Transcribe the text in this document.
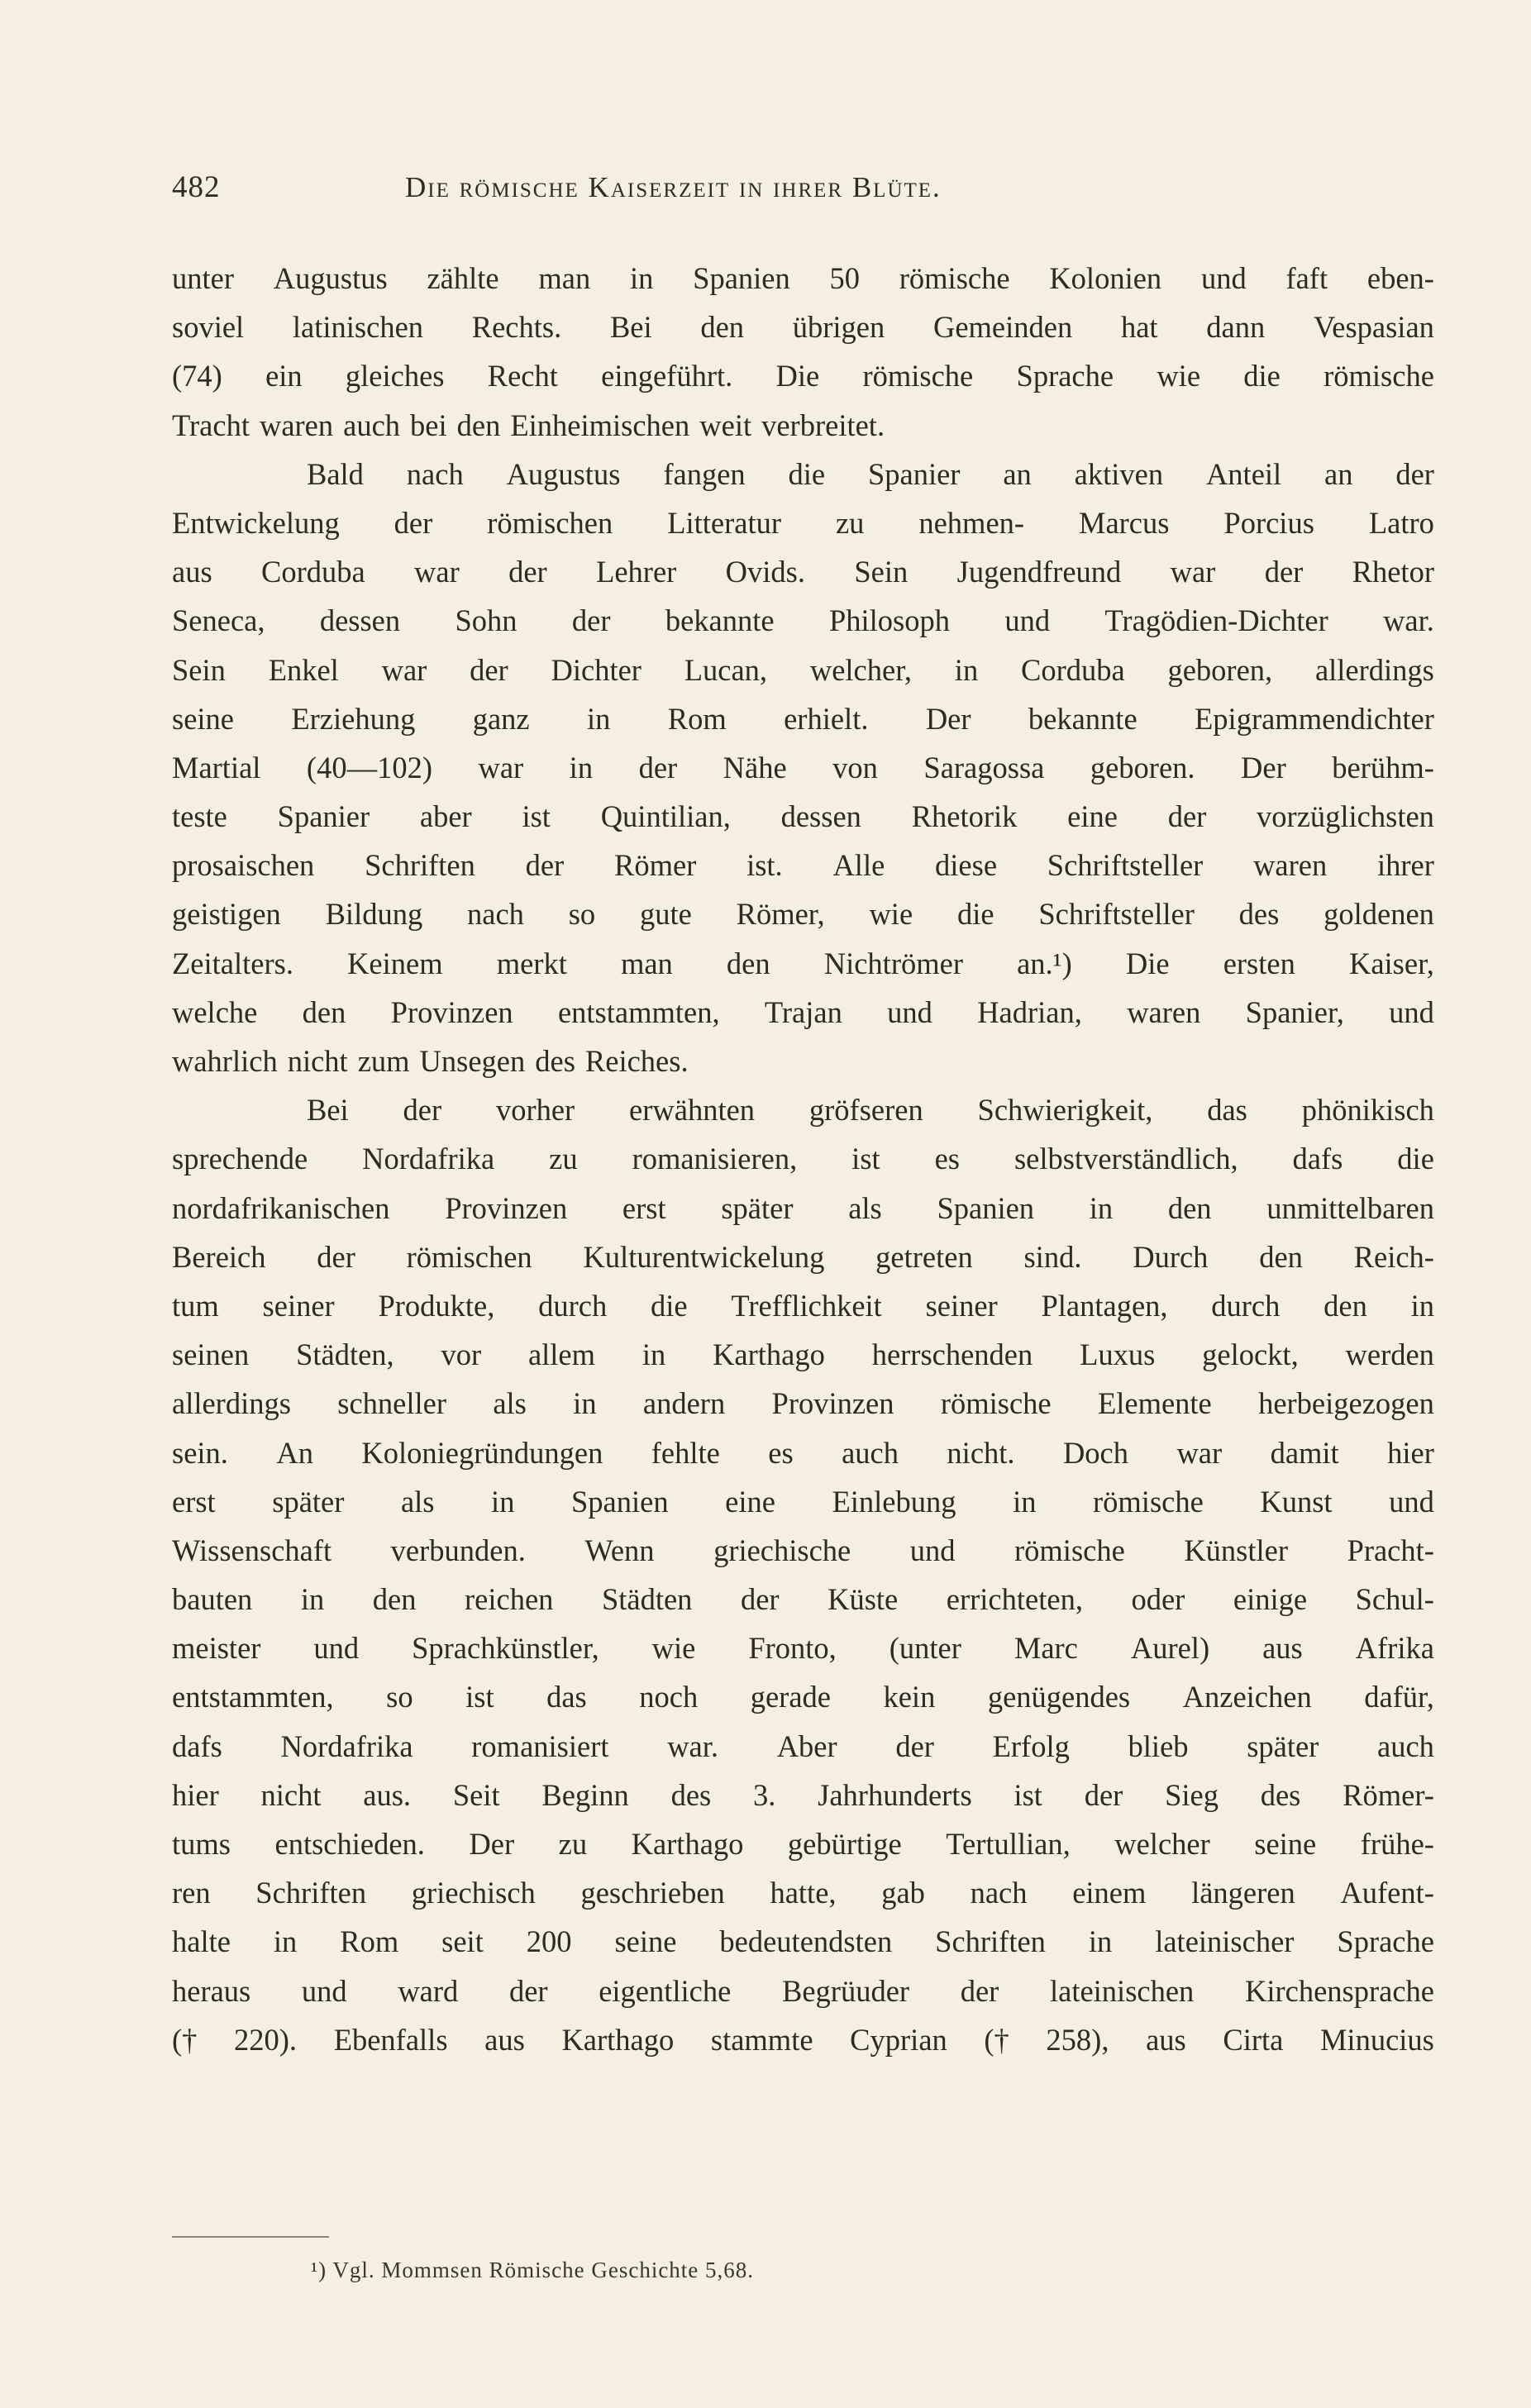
482	Die römische Kaiserzeit in ihrer Blüte.
unter Augustus zählte man in Spanien 50 römische Kolonien und faft eben-
soviel latinischen Rechts. Bei den übrigen Gemeinden hat dann Vespasian
(74) ein gleiches Recht eingeführt. Die römische Sprache wie die römische
Tracht waren auch bei den Einheimischen weit verbreitet.
Bald nach Augustus fangen die Spanier an aktiven Anteil an der
Entwickelung der römischen Litteratur zu nehmen- Marcus Porcius Latro
aus Corduba war der Lehrer Ovids. Sein Jugendfreund war der Rhetor
Seneca, dessen Sohn der bekannte Philosoph und Tragödien-Dichter war.
Sein Enkel war der Dichter Lucan, welcher, in Corduba geboren, allerdings
seine Erziehung ganz in Rom erhielt. Der bekannte Epigrammendichter
Martial (40—102) war in der Nähe von Saragossa geboren. Der berühm-
teste Spanier aber ist Quintilian, dessen Rhetorik eine der vorzüglichsten
prosaischen Schriften der Römer ist. Alle diese Schriftsteller waren ihrer
geistigen Bildung nach so gute Römer, wie die Schriftsteller des goldenen
Zeitalters. Keinem merkt man den Nichtrömer an.¹) Die ersten Kaiser,
welche den Provinzen entstammten, Trajan und Hadrian, waren Spanier, und
wahrlich nicht zum Unsegen des Reiches.
Bei der vorher erwähnten gröfseren Schwierigkeit, das phönikisch
sprechende Nordafrika zu romanisieren, ist es selbstverständlich, dafs die
nordafrikanischen Provinzen erst später als Spanien in den unmittelbaren
Bereich der römischen Kulturentwickelung getreten sind. Durch den Reich-
tum seiner Produkte, durch die Trefflichkeit seiner Plantagen, durch den in
seinen Städten, vor allem in Karthago herrschenden Luxus gelockt, werden
allerdings schneller als in andern Provinzen römische Elemente herbeigezogen
sein. An Koloniegründungen fehlte es auch nicht. Doch war damit hier
erst später als in Spanien eine Einlebung in römische Kunst und
Wissenschaft verbunden. Wenn griechische und römische Künstler Pracht-
bauten in den reichen Städten der Küste errichteten, oder einige Schul-
meister und Sprachkünstler, wie Fronto, (unter Marc Aurel) aus Afrika
entstammten, so ist das noch gerade kein genügendes Anzeichen dafür,
dafs Nordafrika romanisiert war. Aber der Erfolg blieb später auch
hier nicht aus. Seit Beginn des 3. Jahrhunderts ist der Sieg des Römer-
tums entschieden. Der zu Karthago gebürtige Tertullian, welcher seine frühe-
ren Schriften griechisch geschrieben hatte, gab nach einem längeren Aufent-
halte in Rom seit 200 seine bedeutendsten Schriften in lateinischer Sprache
heraus und ward der eigentliche Begrüuder der lateinischen Kirchensprache
(† 220). Ebenfalls aus Karthago stammte Cyprian († 258), aus Cirta Minucius
¹) Vgl. Mommsen Römische Geschichte 5,68.
